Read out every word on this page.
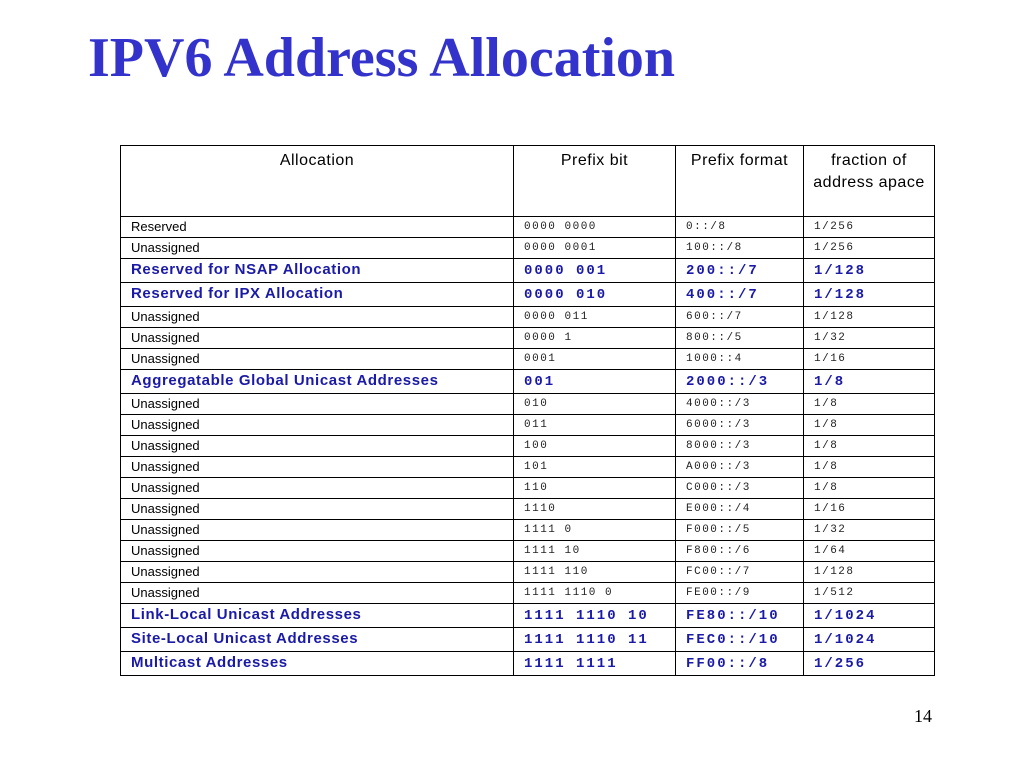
IPV6 Address Allocation
Allocation	Prefix bit	Prefix format	fraction of address apace
Reserved	0000 0000	0::/8	1/256
Unassigned	0000 0001	100::/8	1/256
Reserved for NSAP Allocation	0000 001	200::/7	1/128
Reserved for IPX Allocation	0000 010	400::/7	1/128
Unassigned	0000 011	600::/7	1/128
Unassigned	0000 1	800::/5	1/32
Unassigned	0001	1000::4	1/16
Aggregatable Global Unicast Addresses	001	2000::/3	1/8
Unassigned	010	4000::/3	1/8
Unassigned	011	6000::/3	1/8
Unassigned	100	8000::/3	1/8
Unassigned	101	A000::/3	1/8
Unassigned	110	C000::/3	1/8
Unassigned	1110	E000::/4	1/16
Unassigned	1111 0	F000::/5	1/32
Unassigned	1111 10	F800::/6	1/64
Unassigned	1111 110	FC00::/7	1/128
Unassigned	1111 1110 0	FE00::/9	1/512
Link-Local Unicast Addresses	1111 1110 10	FE80::/10	1/1024
Site-Local Unicast Addresses	1111 1110 11	FEC0::/10	1/1024
Multicast Addresses	1111 1111	FF00::/8	1/256
14
